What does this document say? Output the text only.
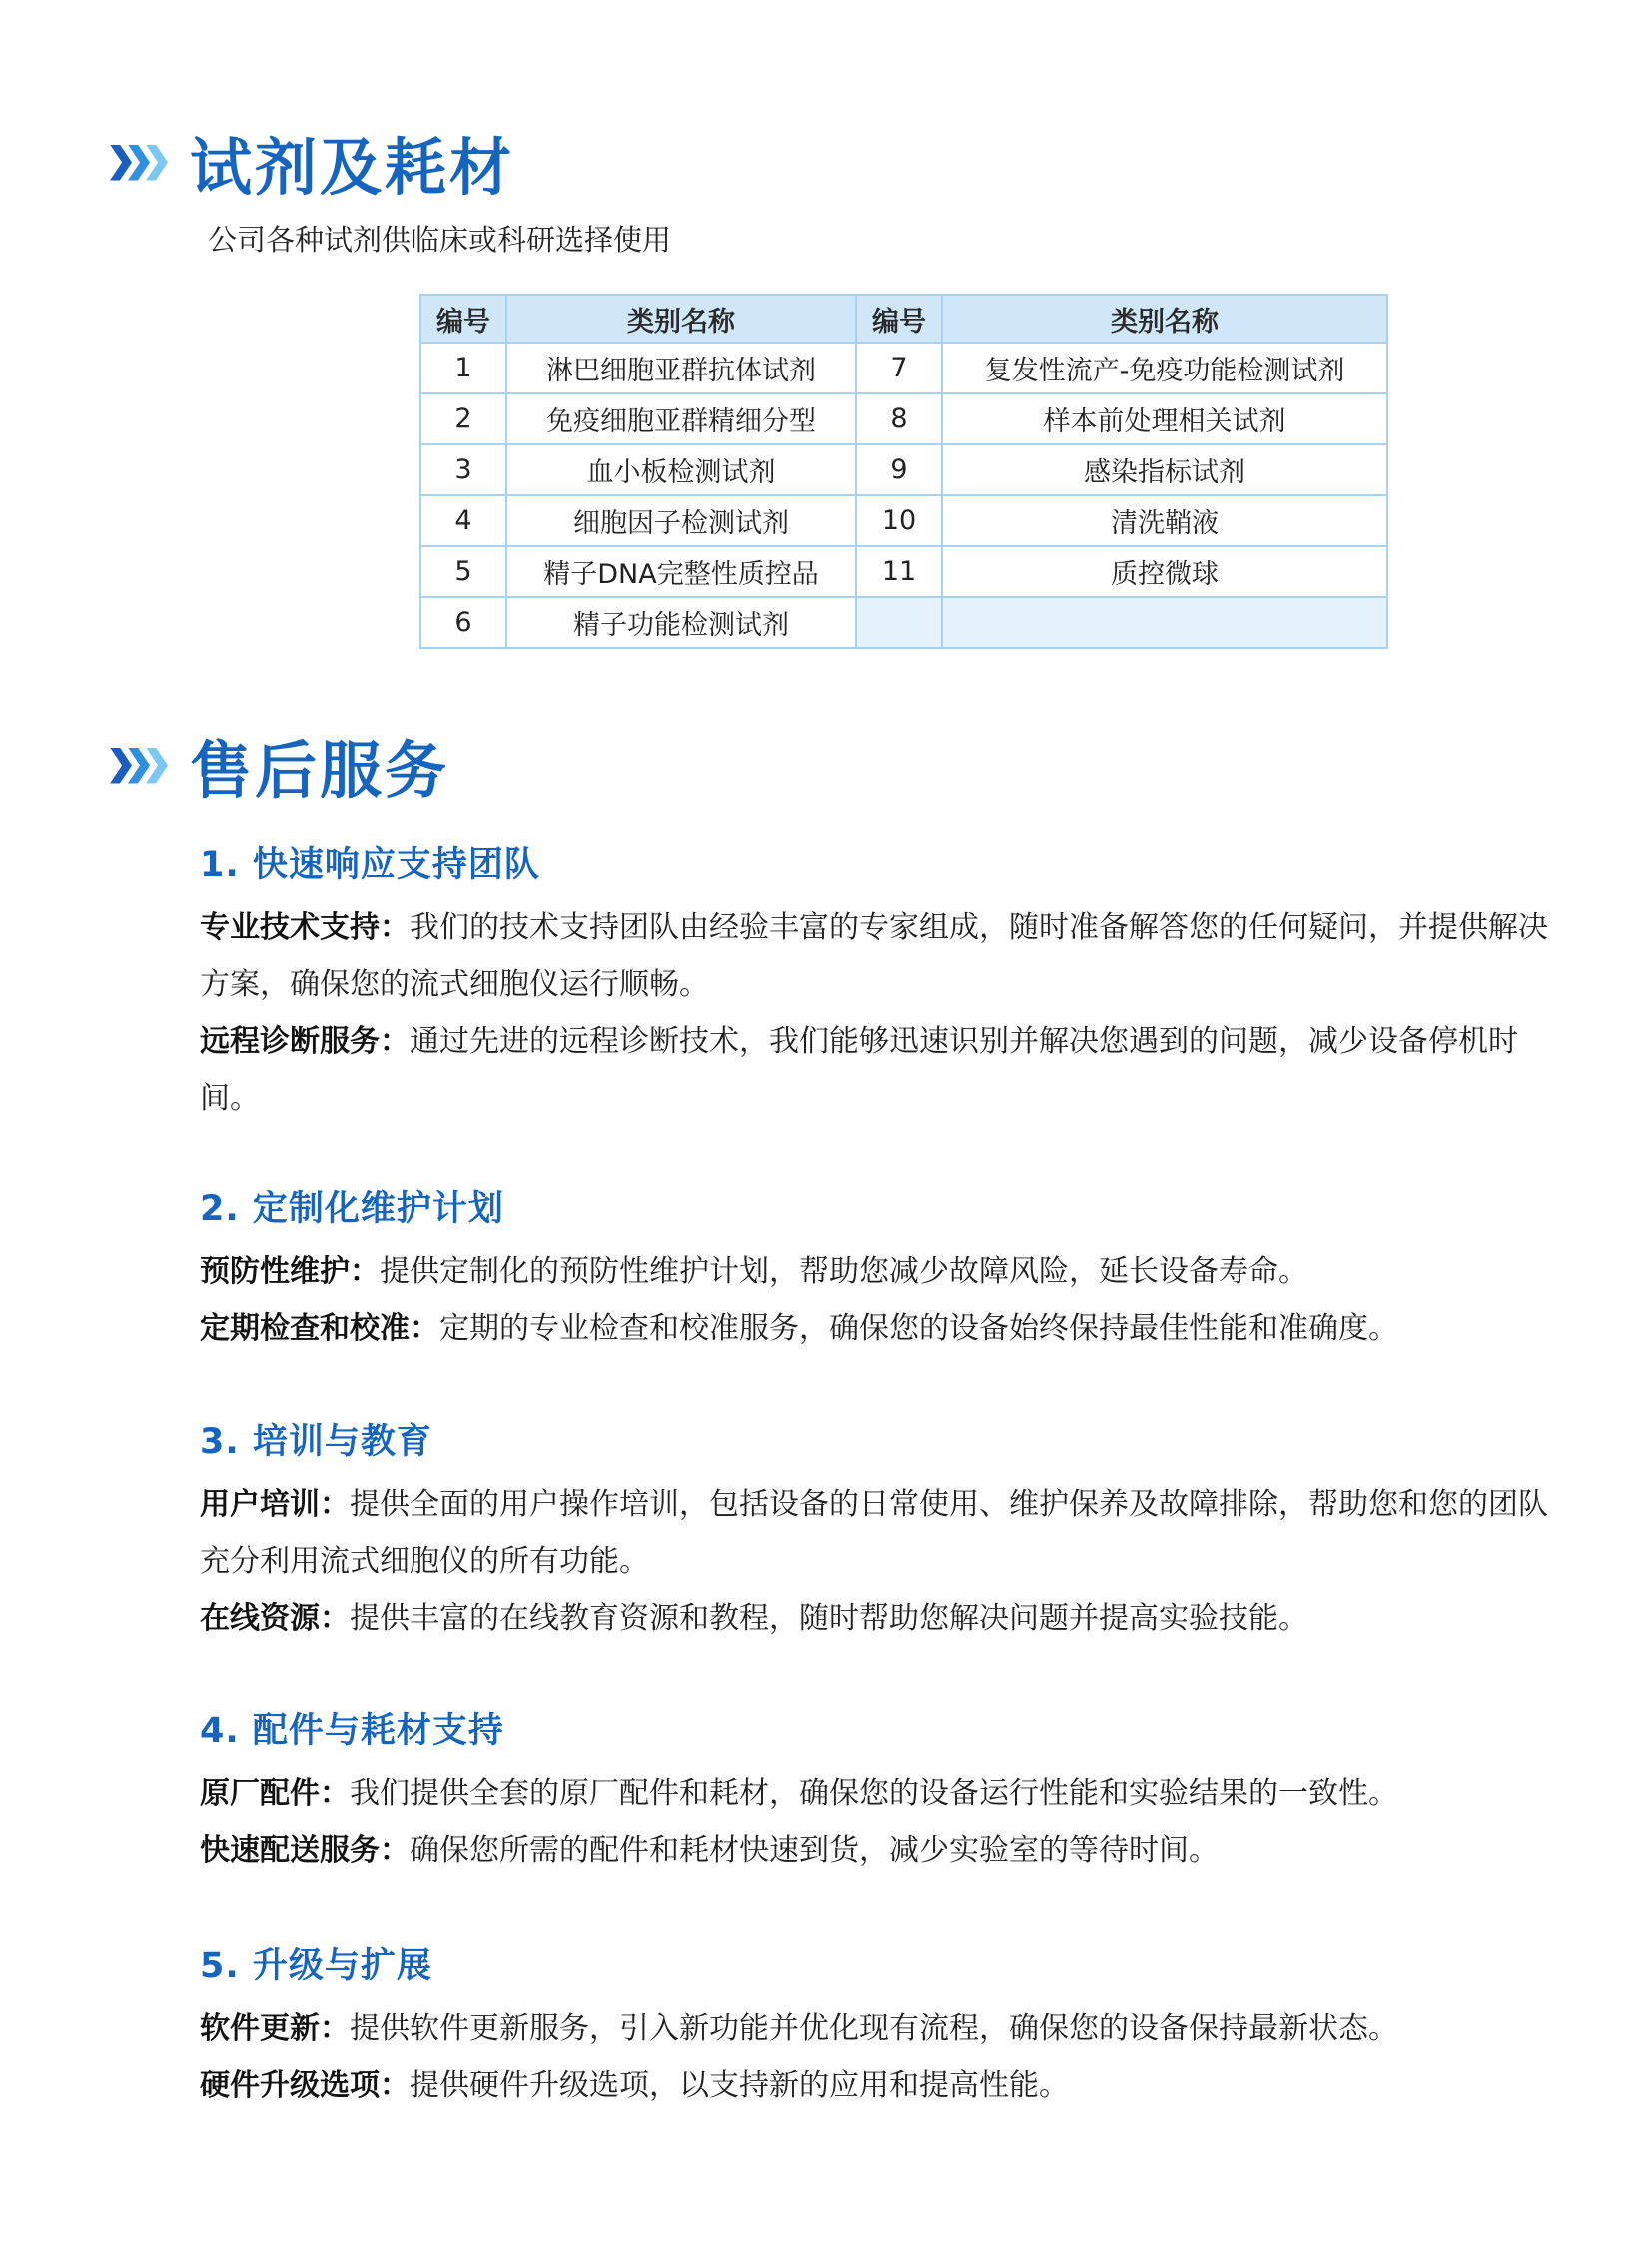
试剂及耗材
公司各种试剂供临床或科研选择使用
编号	类别名称	编号	类别名称
1	淋巴细胞亚群抗体试剂	7	复发性流产-免疫功能检测试剂
2	免疫细胞亚群精细分型	8	样本前处理相关试剂
3	血小板检测试剂	9	感染指标试剂
4	细胞因子检测试剂	10	清洗鞘液
5	精子DNA完整性质控品	11	质控微球
6	精子功能检测试剂		
售后服务
1. 快速响应支持团队

专业技术支持：我们的技术支持团队由经验丰富的专家组成，随时准备解答您的任何疑问，并提供解决方案，确保您的流式细胞仪运行顺畅。

远程诊断服务：通过先进的远程诊断技术，我们能够迅速识别并解决您遇到的问题，减少设备停机时间。

2. 定制化维护计划

预防性维护：提供定制化的预防性维护计划，帮助您减少故障风险，延长设备寿命。

定期检查和校准：定期的专业检查和校准服务，确保您的设备始终保持最佳性能和准确度。

3. 培训与教育

用户培训：提供全面的用户操作培训，包括设备的日常使用、维护保养及故障排除，帮助您和您的团队充分利用流式细胞仪的所有功能。

在线资源：提供丰富的在线教育资源和教程，随时帮助您解决问题并提高实验技能。

4. 配件与耗材支持

原厂配件：我们提供全套的原厂配件和耗材，确保您的设备运行性能和实验结果的一致性。

快速配送服务：确保您所需的配件和耗材快速到货，减少实验室的等待时间。

5. 升级与扩展

软件更新：提供软件更新服务，引入新功能并优化现有流程，确保您的设备保持最新状态。

硬件升级选项：提供硬件升级选项，以支持新的应用和提高性能。
